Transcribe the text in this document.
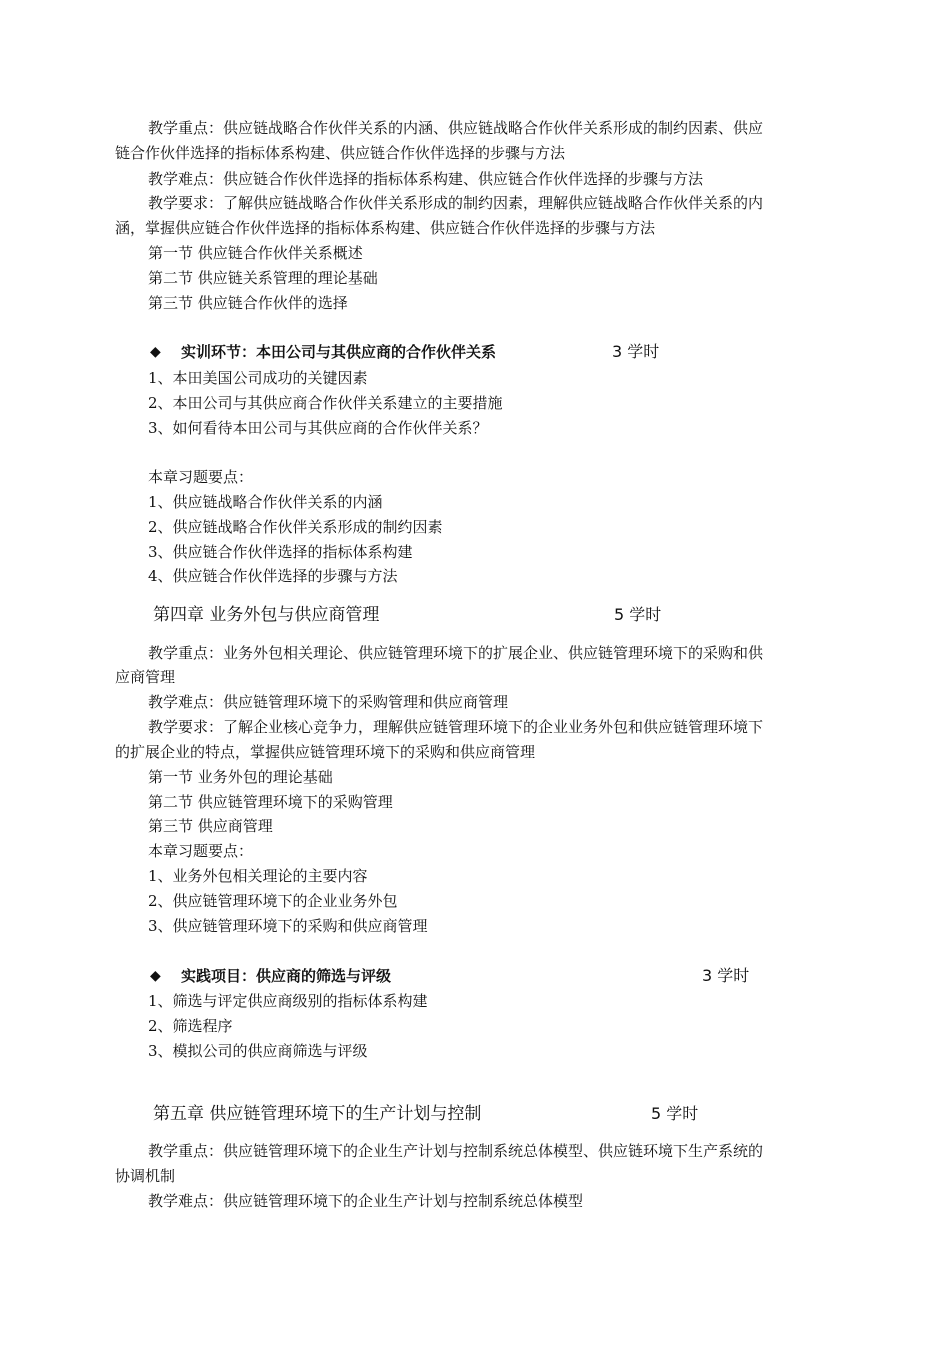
教学重点：供应链战略合作伙伴关系的内涵、供应链战略合作伙伴关系形成的制约因素、供应
链合作伙伴选择的指标体系构建、供应链合作伙伴选择的步骤与方法
教学难点：供应链合作伙伴选择的指标体系构建、供应链合作伙伴选择的步骤与方法
教学要求：了解供应链战略合作伙伴关系形成的制约因素，理解供应链战略合作伙伴关系的内
涵，掌握供应链合作伙伴选择的指标体系构建、供应链合作伙伴选择的步骤与方法
第一节 供应链合作伙伴关系概述
第二节 供应链关系管理的理论基础
第三节 供应链合作伙伴的选择
◆ 实训环节：本田公司与其供应商的合作伙伴关系	3 学时
1、本田美国公司成功的关键因素
2、本田公司与其供应商合作伙伴关系建立的主要措施
3、如何看待本田公司与其供应商的合作伙伴关系？
本章习题要点：
1、供应链战略合作伙伴关系的内涵
2、供应链战略合作伙伴关系形成的制约因素
3、供应链合作伙伴选择的指标体系构建
4、供应链合作伙伴选择的步骤与方法
第四章 业务外包与供应商管理	5 学时
教学重点：业务外包相关理论、供应链管理环境下的扩展企业、供应链管理环境下的采购和供
应商管理
教学难点：供应链管理环境下的采购管理和供应商管理
教学要求：了解企业核心竞争力，理解供应链管理环境下的企业业务外包和供应链管理环境下
的扩展企业的特点，掌握供应链管理环境下的采购和供应商管理
第一节 业务外包的理论基础
第二节 供应链管理环境下的采购管理
第三节 供应商管理
本章习题要点：
1、业务外包相关理论的主要内容
2、供应链管理环境下的企业业务外包
3、供应链管理环境下的采购和供应商管理
◆ 实践项目：供应商的筛选与评级	3 学时
1、筛选与评定供应商级别的指标体系构建
2、筛选程序
3、模拟公司的供应商筛选与评级
第五章 供应链管理环境下的生产计划与控制	5 学时
教学重点：供应链管理环境下的企业生产计划与控制系统总体模型、供应链环境下生产系统的
协调机制
教学难点：供应链管理环境下的企业生产计划与控制系统总体模型
